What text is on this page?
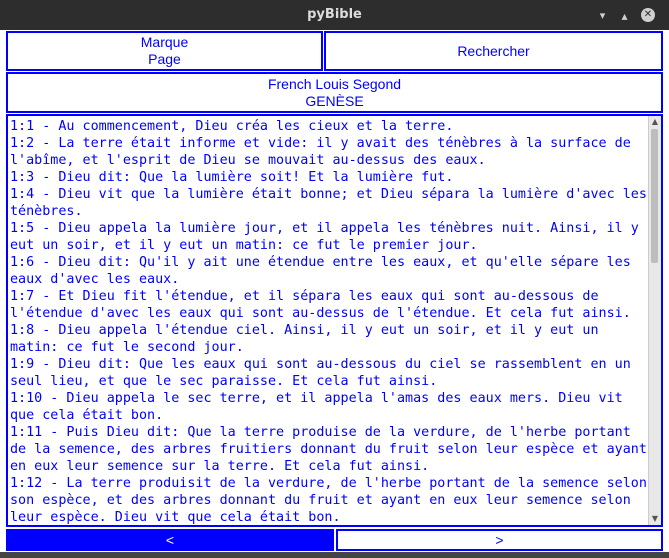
pyBible	▾	▴	✕
Marque
Page
Rechercher
French Louis Segond
GENÈSE
1:1 - Au commencement, Dieu créa les cieux et la terre.
1:2 - La terre était informe et vide: il y avait des ténèbres à la surface de l'abîme, et l'esprit de Dieu se mouvait au-dessus des eaux.
1:3 - Dieu dit: Que la lumière soit! Et la lumière fut.
1:4 - Dieu vit que la lumière était bonne; et Dieu sépara la lumière d'avec les ténèbres.
1:5 - Dieu appela la lumière jour, et il appela les ténèbres nuit. Ainsi, il y eut un soir, et il y eut un matin: ce fut le premier jour.
1:6 - Dieu dit: Qu'il y ait une étendue entre les eaux, et qu'elle sépare les eaux d'avec les eaux.
1:7 - Et Dieu fit l'étendue, et il sépara les eaux qui sont au-dessous de l'étendue d'avec les eaux qui sont au-dessus de l'étendue. Et cela fut ainsi.
1:8 - Dieu appela l'étendue ciel. Ainsi, il y eut un soir, et il y eut un matin: ce fut le second jour.
1:9 - Dieu dit: Que les eaux qui sont au-dessous du ciel se rassemblent en un seul lieu, et que le sec paraisse. Et cela fut ainsi.
1:10 - Dieu appela le sec terre, et il appela l'amas des eaux mers. Dieu vit que cela était bon.
1:11 - Puis Dieu dit: Que la terre produise de la verdure, de l'herbe portant de la semence, des arbres fruitiers donnant du fruit selon leur espèce et ayant en eux leur semence sur la terre. Et cela fut ainsi.
1:12 - La terre produisit de la verdure, de l'herbe portant de la semence selon son espèce, et des arbres donnant du fruit et ayant en eux leur semence selon leur espèce. Dieu vit que cela était bon.
▲
▼
<	>
